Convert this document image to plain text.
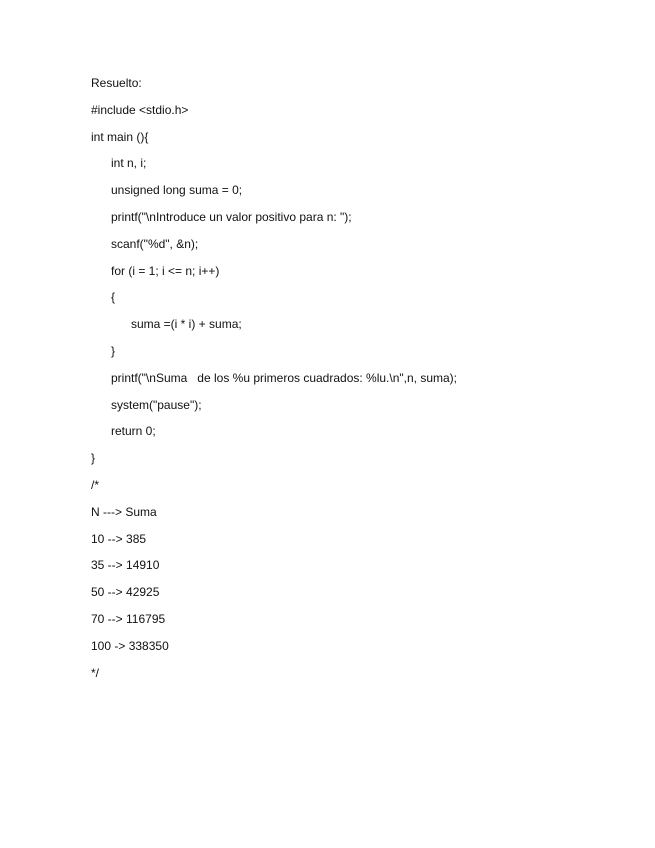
Resuelto:
#include <stdio.h>
int main (){
int n, i;
unsigned long suma = 0;
printf("\nIntroduce un valor positivo para n: ");
scanf("%d", &n);
for (i = 1; i <= n; i++)
{
suma =(i * i) + suma;
}
printf("\nSuma   de los %u primeros cuadrados: %lu.\n",n, suma);
system("pause");
return 0;
}
/*
N ---> Suma
10 --> 385
35 --> 14910
50 --> 42925
70 --> 116795
100 -> 338350
*/
